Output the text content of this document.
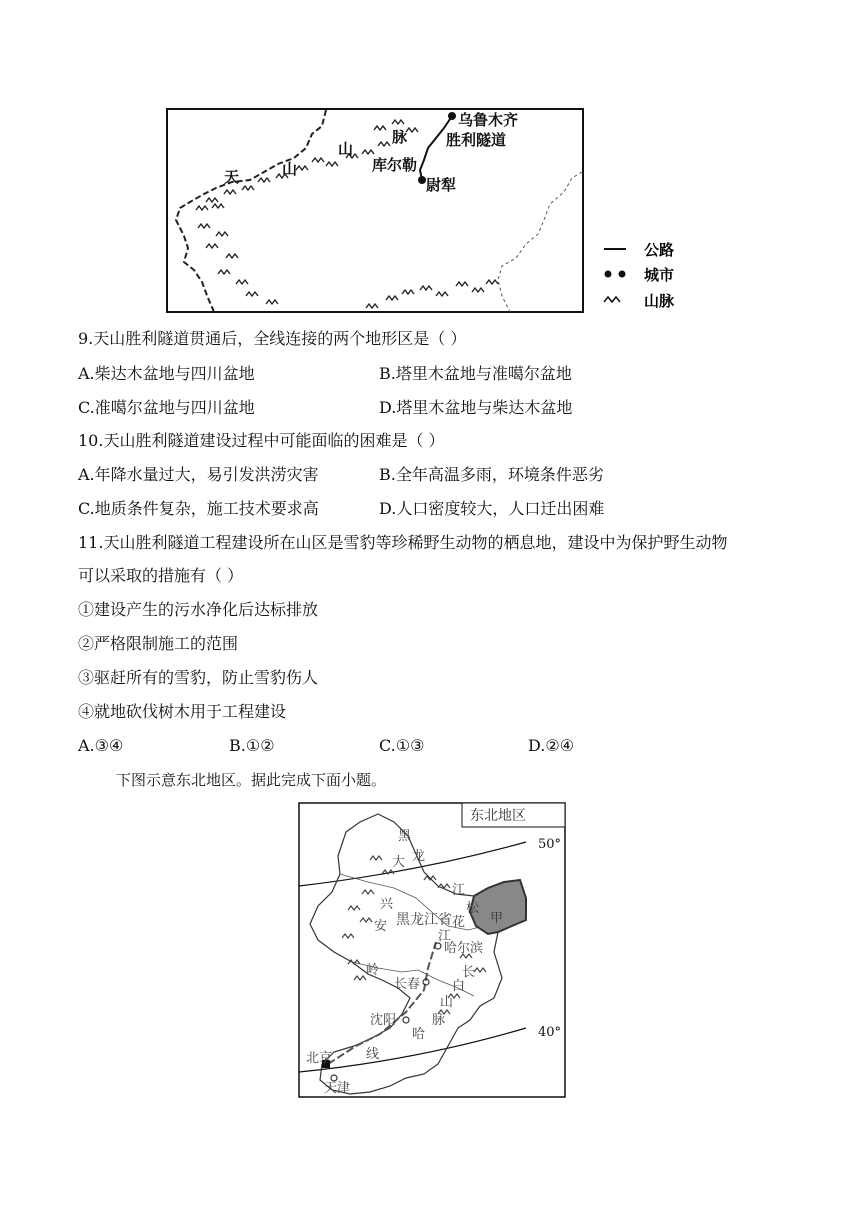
乌鲁木齐
胜利隧道
库尔勒
尉犁
天	山
山
脉
公路
城市
山脉
9.天山胜利隧道贯通后，全线连接的两个地形区是（ ）
A.柴达木盆地与四川盆地	B.塔里木盆地与准噶尔盆地
C.准噶尔盆地与四川盆地	D.塔里木盆地与柴达木盆地
10.天山胜利隧道建设过程中可能面临的困难是（ ）
A.年降水量过大，易引发洪涝灾害	B.全年高温多雨，环境条件恶劣
C.地质条件复杂，施工技术要求高	D.人口密度较大，人口迁出困难
11.天山胜利隧道工程建设所在山区是雪豹等珍稀野生动物的栖息地，建设中为保护野生动物
可以采取的措施有（ ）
①建设产生的污水净化后达标排放
②严格限制施工的范围
③驱赶所有的雪豹，防止雪豹伤人
④就地砍伐树木用于工程建设
A.③④	B.①②	C.①③	D.②④
下图示意东北地区。据此完成下面小题。
东北地区
黑
龙
江
大
兴
安
岭
黑龙江省
松
花
江
甲
哈尔滨
长春
长
白
山
脉
沈阳
哈
线
北京
天津
50°
40°
